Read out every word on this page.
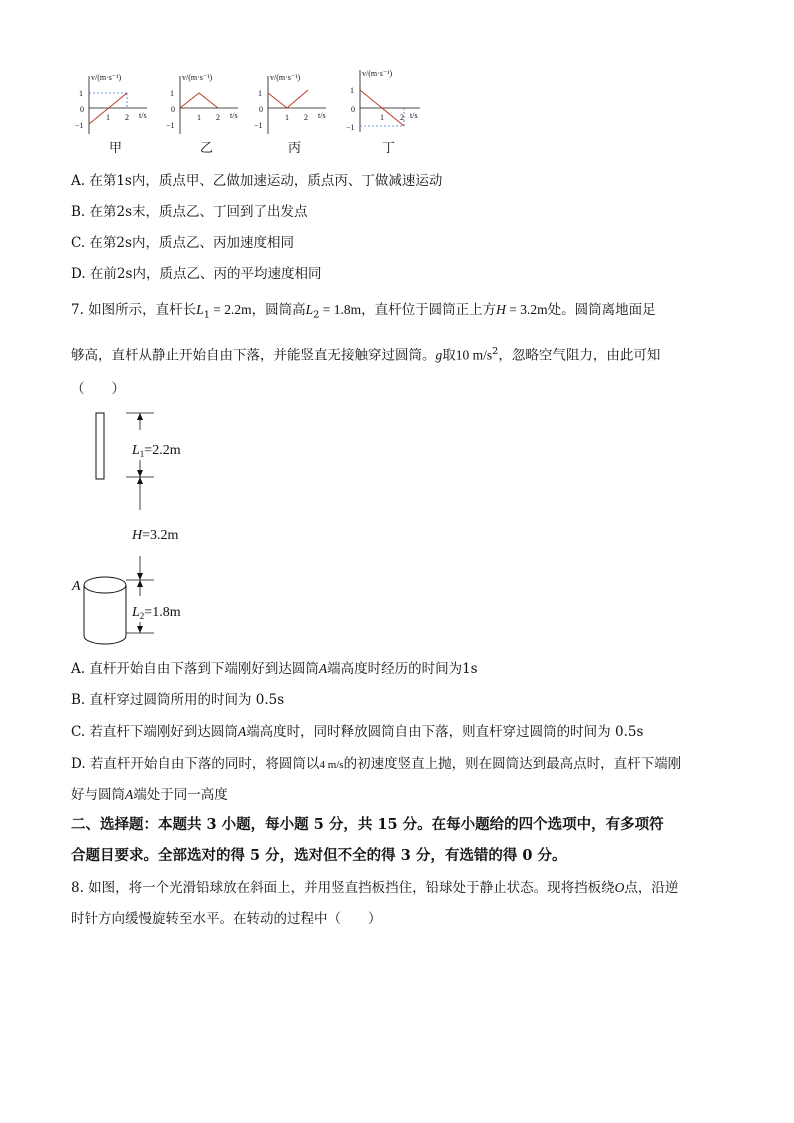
v/(m·s⁻¹)
t/s
1
0
−1
1 2
甲
v/(m·s⁻¹)
t/s
1
0
−1
1 2
乙
v/(m·s⁻¹)
t/s
1
0
−1
1 2
丙
v/(m·s⁻¹)
t/s
1
0
−1
1 2
丁
A. 在第1s内，质点甲、乙做加速运动，质点丙、丁做减速运动
B. 在第2s末，质点乙、丁回到了出发点
C. 在第2s内，质点乙、丙加速度相同
D. 在前2s内，质点乙、丙的平均速度相同
7. 如图所示，直杆长$L_1 = 2.2m$，圆筒高$L_2 = 1.8m$，直杆位于圆筒正上方H = 3.2m处。圆筒离地面足
够高，直杆从静止开始自由下落，并能竖直无接触穿过圆筒。g取10 $m/s^2$，忽略空气阻力，由此可知
（　　）
$L_1=2.2m$
H=3.2m
$L_2=1.8m$
A
A. 直杆开始自由下落到下端刚好到达圆筒A端高度时经历的时间为1s
B. 直杆穿过圆筒所用的时间为 0.5s
C. 若直杆下端刚好到达圆筒A端高度时，同时释放圆筒自由下落，则直杆穿过圆筒的时间为 0.5s
D. 若直杆开始自由下落的同时，将圆筒以4 m/s的初速度竖直上抛，则在圆筒达到最高点时，直杆下端刚
好与圆筒A端处于同一高度
二、选择题：本题共 3 小题，每小题 5 分，共 15 分。在每小题给的四个选项中，有多项符
合题目要求。全部选对的得 5 分，选对但不全的得 3 分，有选错的得 0 分。
8. 如图，将一个光滑铅球放在斜面上，并用竖直挡板挡住，铅球处于静止状态。现将挡板绕O点，沿逆
时针方向缓慢旋转至水平。在转动的过程中（　　）
